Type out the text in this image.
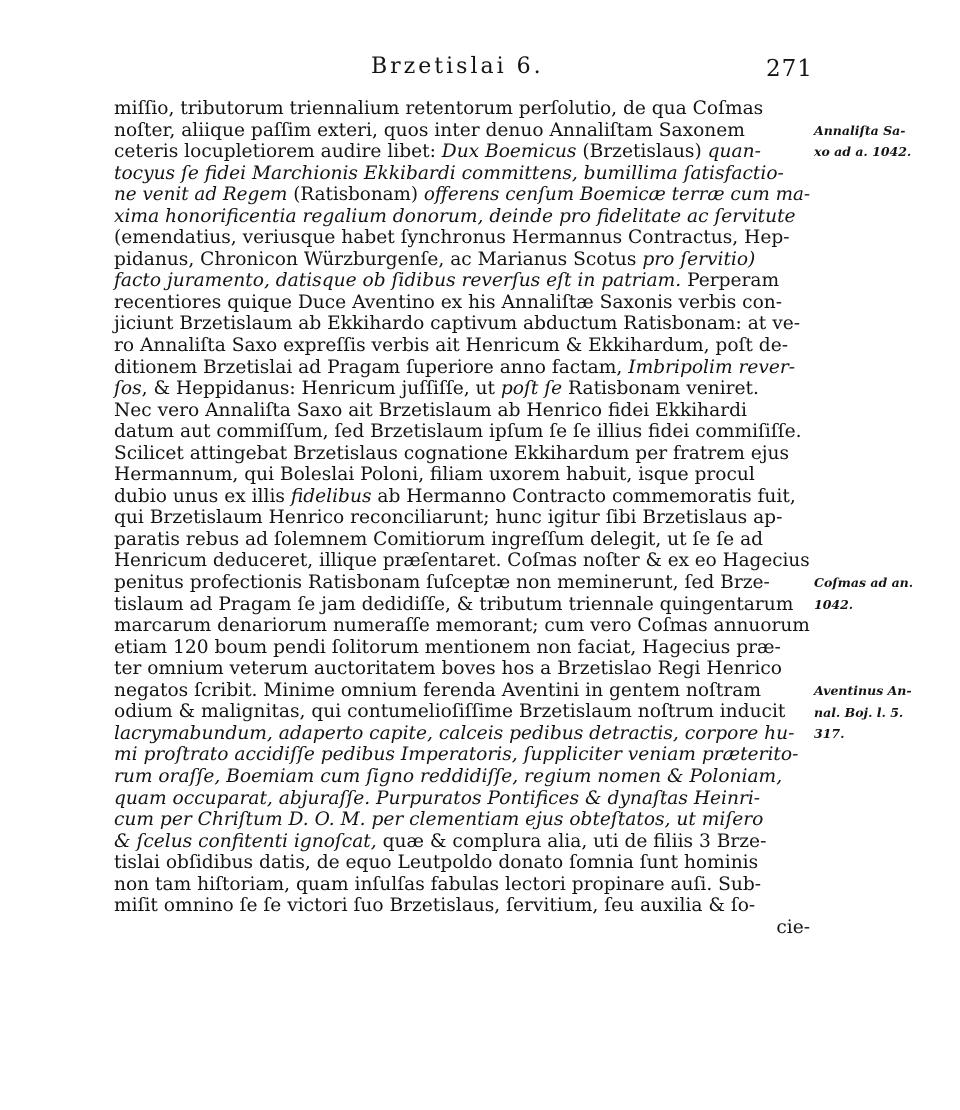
Brzetislai 6.	271
miſſio, tributorum triennalium retentorum perſolutio, de qua Coſmas
noſter, aliique paſſim exteri, quos inter denuo Annaliſtam Saxonem
ceteris locupletiorem audire libet: Dux Boemicus (Brzetislaus) quan-
tocyus ſe fidei Marchionis Ekkibardi committens, bumillima ſatisfactio-
ne venit ad Regem (Ratisbonam) offerens cenſum Boemicæ terræ cum ma-
xima honorificentia regalium donorum, deinde pro fidelitate ac ſervitute
(emendatius, veriusque habet ſynchronus Hermannus Contractus, Hep-
pidanus, Chronicon Würzburgenſe, ac Marianus Scotus pro ſervitio)
facto juramento, datisque ob ſidibus reverſus eſt in patriam. Perperam
recentiores quique Duce Aventino ex his Annaliſtæ Saxonis verbis con-
jiciunt Brzetislaum ab Ekkihardo captivum abductum Ratisbonam: at ve-
ro Annaliſta Saxo expreſſis verbis ait Henricum & Ekkihardum, poſt de-
ditionem Brzetislai ad Pragam ſuperiore anno factam, Imbripolim rever-
ſos, & Heppidanus: Henricum juſſiſſe, ut poſt ſe Ratisbonam veniret.
Nec vero Annaliſta Saxo ait Brzetislaum ab Henrico fidei Ekkihardi
datum aut commiſſum, ſed Brzetislaum ipſum ſe ſe illius fidei commiſiſſe.
Scilicet attingebat Brzetislaus cognatione Ekkihardum per fratrem ejus
Hermannum, qui Boleslai Poloni, filiam uxorem habuit, isque procul
dubio unus ex illis fidelibus ab Hermanno Contracto commemoratis fuit,
qui Brzetislaum Henrico reconciliarunt; hunc igitur ſibi Brzetislaus ap-
paratis rebus ad ſolemnem Comitiorum ingreſſum delegit, ut ſe ſe ad
Henricum deduceret, illique præſentaret. Coſmas noſter & ex eo Hagecius
penitus profectionis Ratisbonam ſuſceptæ non meminerunt, ſed Brze-
tislaum ad Pragam ſe jam dedidiſſe, & tributum triennale quingentarum
marcarum denariorum numeraſſe memorant; cum vero Coſmas annuorum
etiam 120 boum pendi ſolitorum mentionem non faciat, Hagecius præ-
ter omnium veterum auctoritatem boves hos a Brzetislao Regi Henrico
negatos ſcribit. Minime omnium ferenda Aventini in gentem noſtram
odium & malignitas, qui contumelioſiſſime Brzetislaum noſtrum inducit
lacrymabundum, adaperto capite, calceis pedibus detractis, corpore hu-
mi proſtrato accidiſſe pedibus Imperatoris, ſuppliciter veniam præterito-
rum oraſſe, Boemiam cum ſigno reddidiſſe, regium nomen & Poloniam,
quam occuparat, abjuraſſe. Purpuratos Pontifices & dynaſtas Heinri-
cum per Chriſtum D. O. M. per clementiam ejus obteſtatos, ut miſero
& ſcelus confitenti ignoſcat, quæ & complura alia, uti de filiis 3 Brze-
tislai obſidibus datis, de equo Leutpoldo donato ſomnia ſunt hominis
non tam hiſtoriam, quam inſulſas fabulas lectori propinare auſi. Sub-
miſit omnino ſe ſe victori ſuo Brzetislaus, ſervitium, ſeu auxilia & ſo-
cie-
Annaliſta Sa-
xo ad a. 1042.
Coſmas ad an.
1042.
Aventinus An-
nal. Boj. l. 5.
317.
